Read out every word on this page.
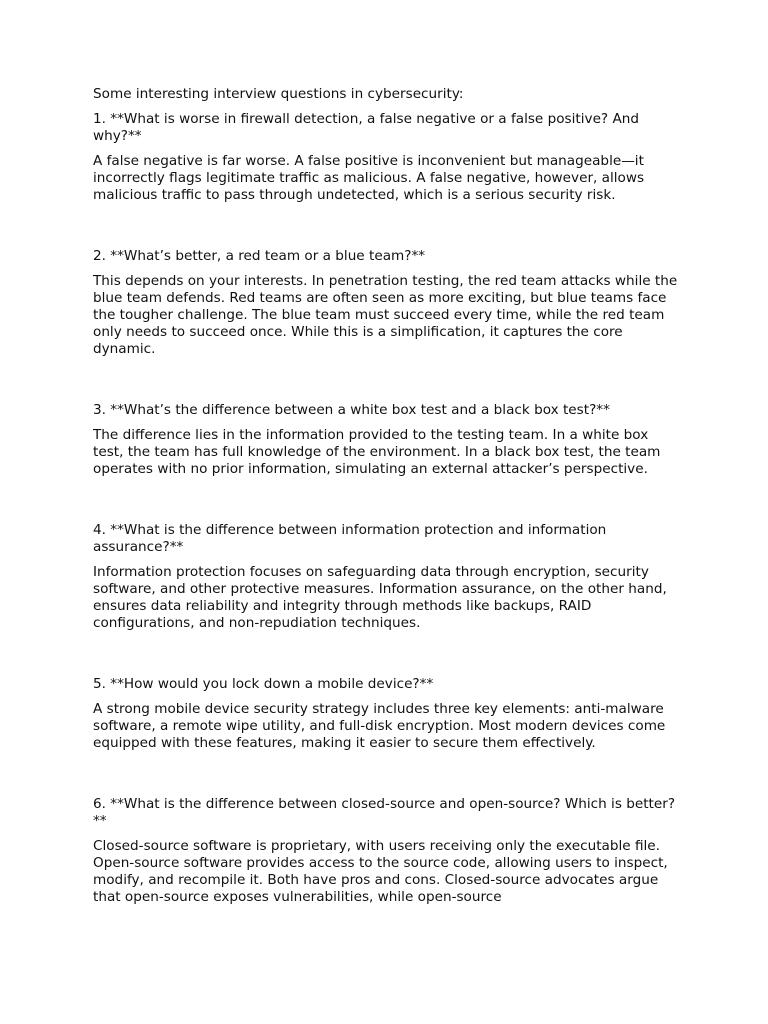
Some interesting interview questions in cybersecurity:

1. **What is worse in firewall detection, a false negative or a false positive? And why?**

A false negative is far worse. A false positive is inconvenient but manageable—it incorrectly flags legitimate traffic as malicious. A false negative, however, allows malicious traffic to pass through undetected, which is a serious security risk.

2. **What’s better, a red team or a blue team?**

This depends on your interests. In penetration testing, the red team attacks while the blue team defends. Red teams are often seen as more exciting, but blue teams face the tougher challenge. The blue team must succeed every time, while the red team only needs to succeed once. While this is a simplification, it captures the core dynamic.

3. **What’s the difference between a white box test and a black box test?**

The difference lies in the information provided to the testing team. In a white box test, the team has full knowledge of the environment. In a black box test, the team operates with no prior information, simulating an external attacker’s perspective.

4. **What is the difference between information protection and information assurance?**

Information protection focuses on safeguarding data through encryption, security software, and other protective measures. Information assurance, on the other hand, ensures data reliability and integrity through methods like backups, RAID configurations, and non-repudiation techniques.

5. **How would you lock down a mobile device?**

A strong mobile device security strategy includes three key elements: anti-malware software, a remote wipe utility, and full-disk encryption. Most modern devices come equipped with these features, making it easier to secure them effectively.

6. **What is the difference between closed-source and open-source? Which is better?**

Closed-source software is proprietary, with users receiving only the executable file. Open-source software provides access to the source code, allowing users to inspect, modify, and recompile it. Both have pros and cons. Closed-source advocates argue that open-source exposes vulnerabilities, while open-source
